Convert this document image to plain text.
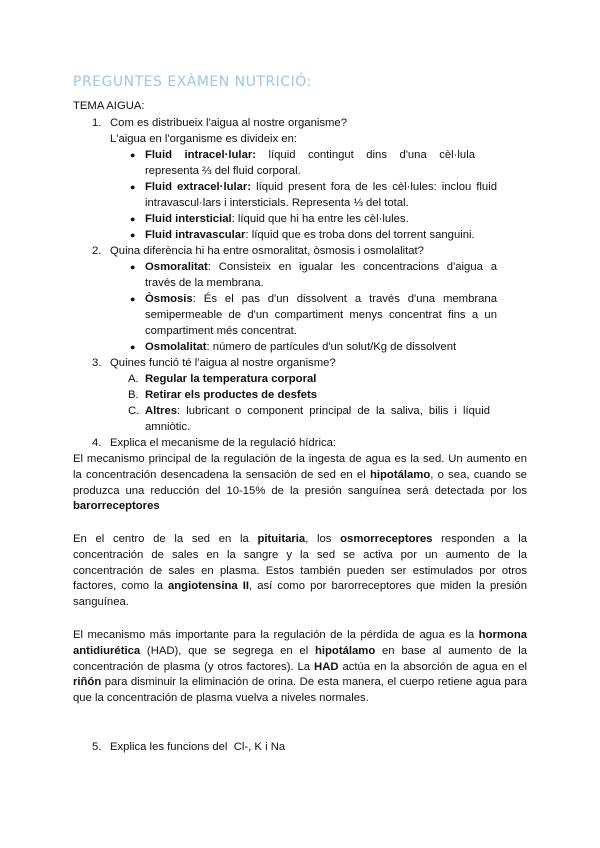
PREGUNTES EXÀMEN NUTRICIÓ:
TEMA AIGUA:
1. Com es distribueix l'aigua al nostre organisme?
L'aigua en l'organisme es divideix en:
● Fluid intracel·lular: líquid contingut dins d'una cèl·lula representa ⅔ del fluid corporal.
● Fluid extracel·lular: líquid present fora de les cèl·lules: inclou fluid intravascul·lars i intersticials. Representa ⅓ del total.
● Fluid intersticial: líquid que hi ha entre les cèl·lules.
● Fluid intravascular: líquid que es troba dons del torrent sanguini.
2. Quina diferència hi ha entre osmoralitat, òsmosis i osmolalitat?
● Osmoralitat: Consisteix en igualar les concentracions d'aigua a través de la membrana.
● Òsmosis: És el pas d'un dissolvent a través d'una membrana semipermeable de d'un compartiment menys concentrat fins a un compartiment més concentrat.
● Osmolalitat: número de partícules d'un solut/Kg de dissolvent
3. Quines funció té l'aigua al nostre organisme?
A. Regular la temperatura corporal
B. Retirar els productes de desfets
C. Altres: lubricant o component principal de la saliva, bilis i líquid amniòtic.
4. Explica el mecanisme de la regulació hídrica:
El mecanismo principal de la regulación de la ingesta de agua es la sed. Un aumento en la concentración desencadena la sensación de sed en el hipotálamo, o sea, cuando se produzca una reducción del 10-15% de la presión sanguínea será detectada por los barorreceptores
En el centro de la sed en la pituitaria, los osmorreceptores responden a la concentración de sales en la sangre y la sed se activa por un aumento de la concentración de sales en plasma. Estos también pueden ser estimulados por otros factores, como la angiotensina II, así como por barorreceptores que miden la presión sanguínea.
El mecanismo más importante para la regulación de la pérdida de agua es la hormona antidiurética (HAD), que se segrega en el hipotálamo en base al aumento de la concentración de plasma (y otros factores). La HAD actúa en la absorción de agua en el riñón para disminuir la eliminación de orina. De esta manera, el cuerpo retiene agua para que la concentración de plasma vuelva a niveles normales.
5. Explica les funcions del  Cl-, K i Na
